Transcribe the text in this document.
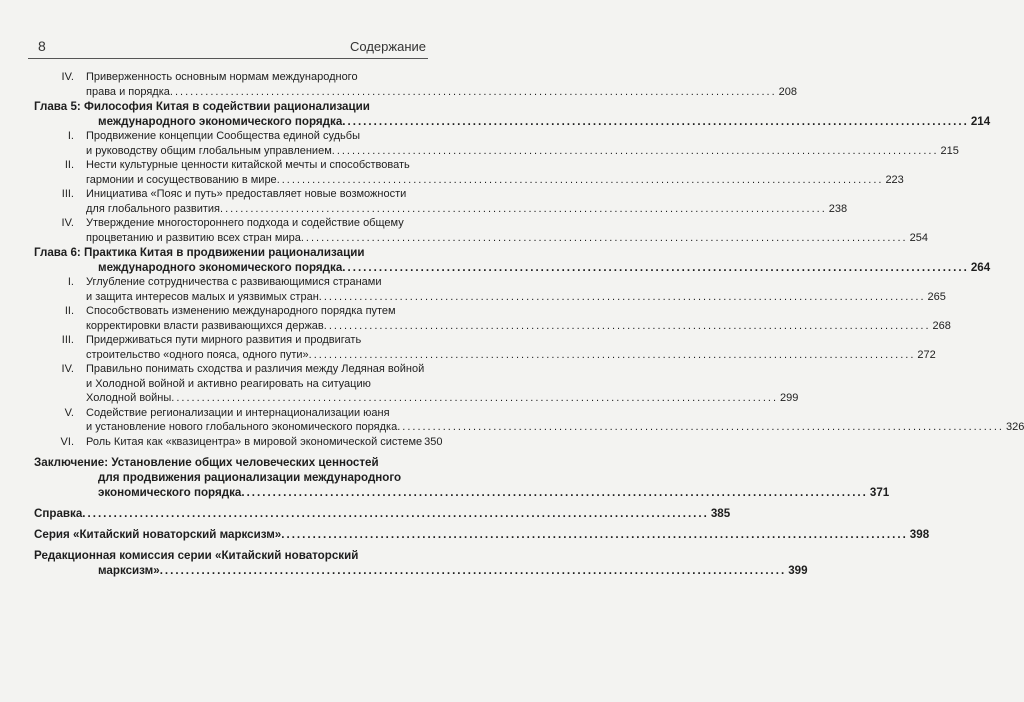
8	Содержание
IV. Приверженность основным нормам международного
права и порядка ........................................................................................................................ 208
Глава 5: Философия Китая в содействии рационализации
международного экономического порядка ........................................................................................................................ 214
I. Продвижение концепции Сообщества единой судьбы
и руководству общим глобальным управлением ........................................................................................................................ 215
II. Нести культурные ценности китайской мечты и способствовать
гармонии и сосуществованию в мире ........................................................................................................................ 223
III. Инициатива «Пояс и путь» предоставляет новые возможности
для глобального развития ........................................................................................................................ 238
IV. Утверждение многостороннего подхода и содействие общему
процветанию и развитию всех стран мира ........................................................................................................................ 254
Глава 6: Практика Китая в продвижении рационализации
международного экономического порядка ........................................................................................................................ 264
I. Углубление сотрудничества с развивающимися странами
и защита интересов малых и уязвимых стран ........................................................................................................................ 265
II. Способствовать изменению международного порядка путем
корректировки власти развивающихся держав ........................................................................................................................ 268
III. Придерживаться пути мирного развития и продвигать
строительство «одного пояса, одного пути» ........................................................................................................................ 272
IV. Правильно понимать сходства и различия между Ледяная войной
и Холодной войной и активно реагировать на ситуацию
Холодной войны ........................................................................................................................ 299
V. Содействие регионализации и интернационализации юаня
и установление нового глобального экономического порядка ........................................................................................................................ 326
VI. Роль Китая как «квазицентра» в мировой экономической системе 350
Заключение: Установление общих человеческих ценностей
для продвижения рационализации международного
экономического порядка ........................................................................................................................ 371
Справка ........................................................................................................................ 385
Серия «Китайский новаторский марксизм» ........................................................................................................................ 398
Редакционная комиссия серии «Китайский новаторский
марксизм» ........................................................................................................................ 399
